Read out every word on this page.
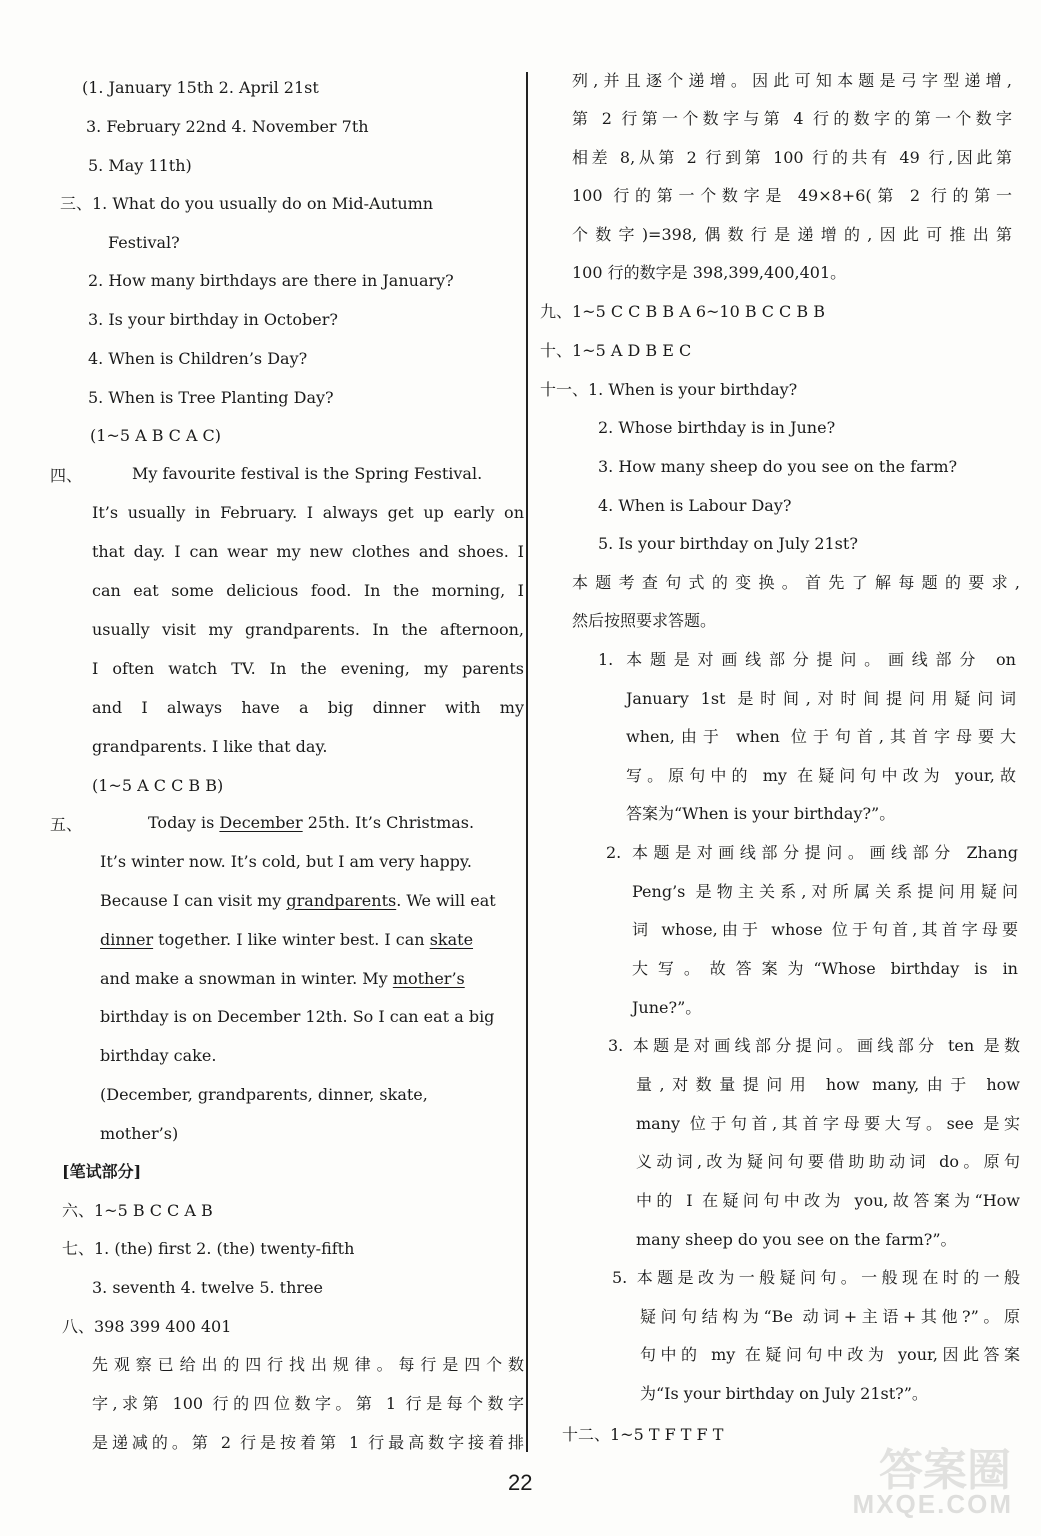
(1. January 15th 2. April 21st
3. February 22nd 4. November 7th
5. May 11th)
三、1. What do you usually do on Mid-Autumn
Festival?
2. How many birthdays are there in January?
3. Is your birthday in October?
4. When is Children’s Day?
5. When is Tree Planting Day?
(1~5 A B C A C)
四、	My favourite festival is the Spring Festival.
It’s usually in February. I always get up early on
that day. I can wear my new clothes and shoes. I
can eat some delicious food. In the morning, I
usually visit my grandparents. In the afternoon,
I often watch TV. In the evening, my parents
and I always have a big dinner with my
grandparents. I like that day.
(1~5 A C C B B)
五、	Today is December 25th. It’s Christmas.
It’s winter now. It’s cold, but I am very happy.
Because I can visit my grandparents. We will eat
dinner together. I like winter best. I can skate
and make a snowman in winter. My mother’s
birthday is on December 12th. So I can eat a big
birthday cake.
(December, grandparents, dinner, skate,
mother’s)
[笔试部分]
六、1~5 B C C A B
七、1. (the) first 2. (the) twenty-fifth
3. seventh 4. twelve 5. three
八、398 399 400 401
先观察已给出的四行找出规律。每行是四个数
字,求第 100 行的四位数字。第 1 行是每个数字
是递减的。第 2 行是按着第 1 行最高数字接着排
列,并且逐个递增。因此可知本题是弓字型递增,
第 2 行第一个数字与第 4 行的数字的第一个数字
相差 8,从第 2 行到第 100 行的共有 49 行,因此第
100 行的第一个数字是 49×8+6(第 2 行的第一
个数字)=398,偶数行是递增的,因此可推出第
100 行的数字是 398,399,400,401。
九、1~5 C C B B A 6~10 B C C B B
十、1~5 A D B E C
十一、1. When is your birthday?
2. Whose birthday is in June?
3. How many sheep do you see on the farm?
4. When is Labour Day?
5. Is your birthday on July 21st?
本题考查句式的变换。首先了解每题的要求,
然后按照要求答题。
1. 本题是对画线部分提问。画线部分 on
January 1st 是时间,对时间提问用疑问词
when,由于 when 位于句首,其首字母要大
写。原句中的 my 在疑问句中改为 your,故
答案为“When is your birthday?”。
2. 本题是对画线部分提问。画线部分 Zhang
Peng’s 是物主关系,对所属关系提问用疑问
词 whose,由于 whose 位于句首,其首字母要
大写。故答案为“Whose birthday is in
June?”。
3. 本题是对画线部分提问。画线部分 ten 是数
量,对数量提问用 how many,由于 how
many 位于句首,其首字母要大写。see 是实
义动词,改为疑问句要借助助动词 do。原句
中的 I 在疑问句中改为 you,故答案为“How
many sheep do you see on the farm?”。
5. 本题是改为一般疑问句。一般现在时的一般
疑问句结构为“Be 动词+主语+其他?”。原
句中的 my 在疑问句中改为 your,因此答案
为“Is your birthday on July 21st?”。
十二、1~5 T F T F T
22	答案圈
MXQE.COM
